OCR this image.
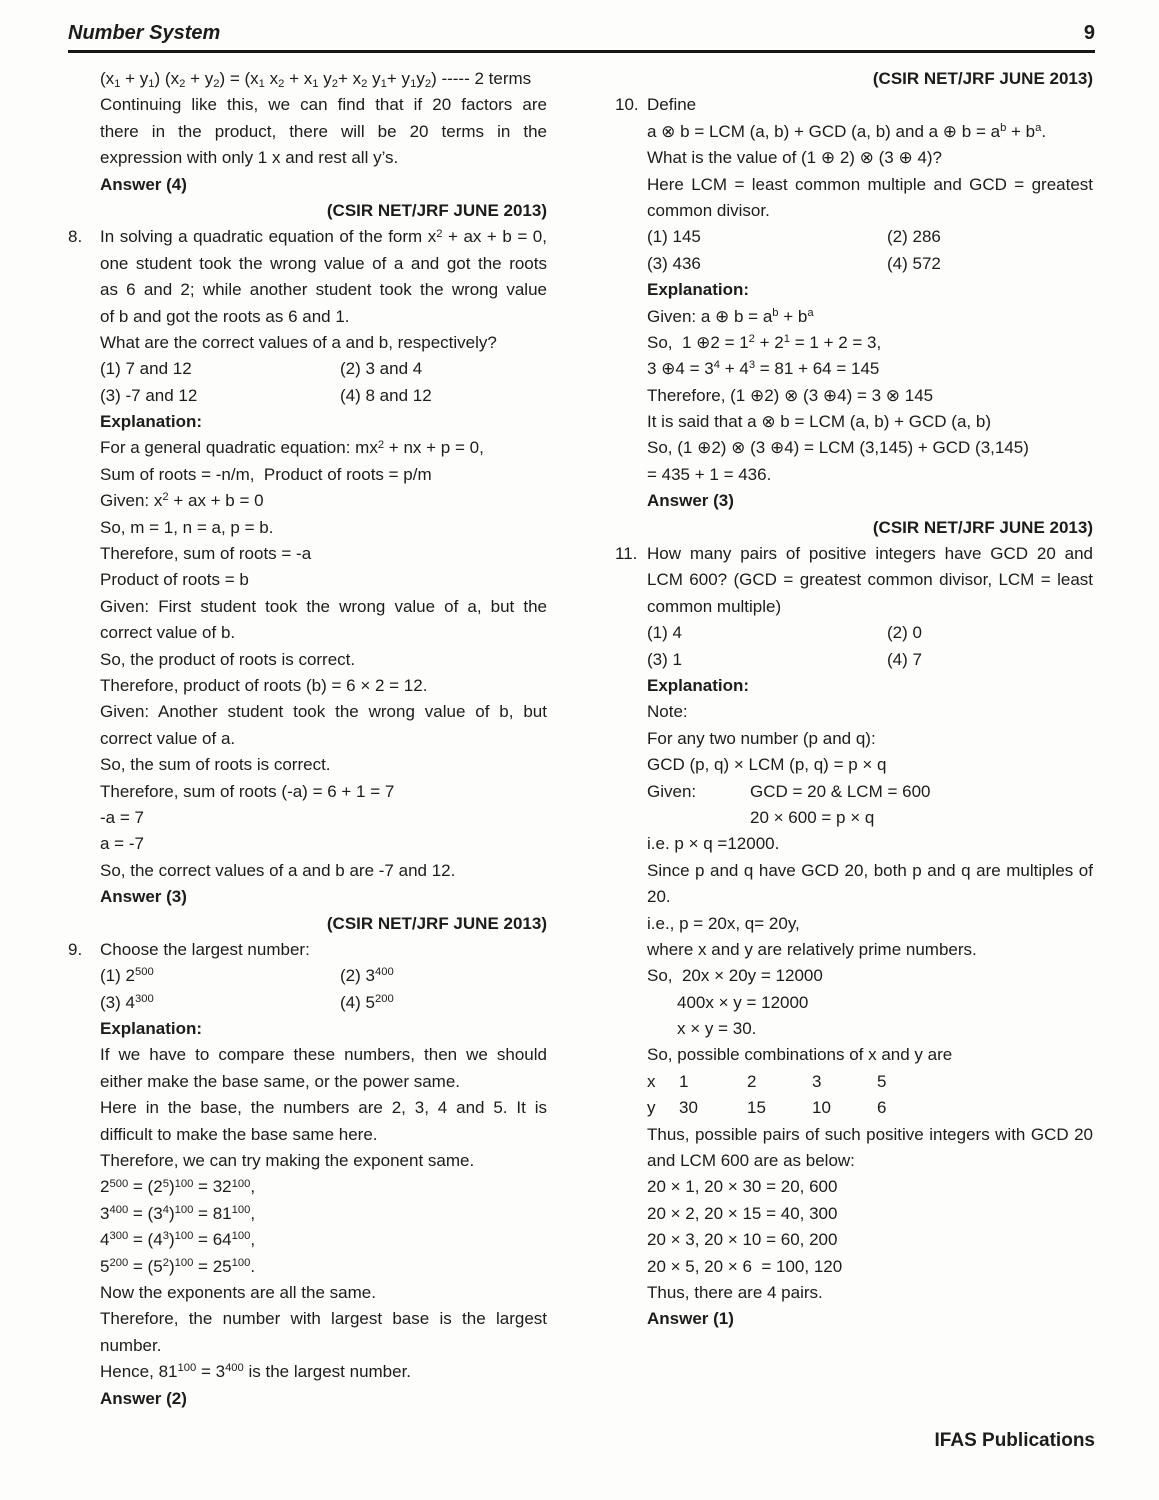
Number System	9
(x1 + y1) (x2 + y2) = (x1 x2 + x1 y2+ x2 y1+ y1y2) ----- 2 terms
Continuing like this, we can find that if 20 factors are
there in the product, there will be 20 terms in the
expression with only 1 x and rest all y’s.
Answer (4)
(CSIR NET/JRF JUNE 2013)
8. In solving a quadratic equation of the form $x^2$ + ax + b = 0,
one student took the wrong value of a and got the roots
as 6 and 2; while another student took the wrong value
of b and got the roots as 6 and 1.
What are the correct values of a and b, respectively?
(1) 7 and 12	(2) 3 and 4
(3) -7 and 12	(4) 8 and 12
Explanation:
For a general quadratic equation: $mx^2$ + nx + p = 0,
Sum of roots = -n/m,  Product of roots = p/m
Given: $x^2$ + ax + b = 0
So, m = 1, n = a, p = b.
Therefore, sum of roots = -a
Product of roots = b
Given: First student took the wrong value of a, but the
correct value of b.
So, the product of roots is correct.
Therefore, product of roots (b) = 6 × 2 = 12.
Given: Another student took the wrong value of b, but
correct value of a.
So, the sum of roots is correct.
Therefore, sum of roots (-a) = 6 + 1 = 7
-a = 7
a = -7
So, the correct values of a and b are -7 and 12.
Answer (3)
(CSIR NET/JRF JUNE 2013)
9. Choose the largest number:
(1) $2^{500}$	(2) $3^{400}$
(3) $4^{300}$	(4) $5^{200}$
Explanation:
If we have to compare these numbers, then we should
either make the base same, or the power same.
Here in the base, the numbers are 2, 3, 4 and 5. It is
difficult to make the base same here.
Therefore, we can try making the exponent same.
$2^{500} = (2^5)^{100} = 32^{100}$,
$3^{400} = (3^4)^{100} = 81^{100}$,
$4^{300} = (4^3)^{100} = 64^{100}$,
$5^{200} = (5^2)^{100} = 25^{100}$.
Now the exponents are all the same.
Therefore, the number with largest base is the largest
number.
Hence, $81^{100} = 3^{400}$ is the largest number.
Answer (2)
(CSIR NET/JRF JUNE 2013)
10. Define
a ⊗ b = LCM (a, b) + GCD (a, b) and a ⊕ $b = a^b + b^a$.
What is the value of (1 ⊕ 2) ⊗ (3 ⊕ 4)?
Here LCM = least common multiple and GCD = greatest
common divisor.
(1) 145	(2) 286
(3) 436	(4) 572
Explanation:
Given: a ⊕ $b = a^b + b^a$
So,  1 ⊕2 = $1^2 + 2^1 = 1 + 2 = 3$,
3 ⊕4 = $3^4 + 4^3 = 81 + 64 = 145$
Therefore, (1 ⊕2) ⊗ (3 ⊕4) = 3 ⊗ 145
It is said that a ⊗ b = LCM (a, b) + GCD (a, b)
So, (1 ⊕2) ⊗ (3 ⊕4) = LCM (3,145) + GCD (3,145)
= 435 + 1 = 436.
Answer (3)
(CSIR NET/JRF JUNE 2013)
11. How many pairs of positive integers have GCD 20 and
LCM 600? (GCD = greatest common divisor, LCM = least
common multiple)
(1) 4	(2) 0
(3) 1	(4) 7
Explanation:
Note:
For any two number (p and q):
GCD (p, q) × LCM (p, q) = p × q
Given:	GCD = 20 & LCM = 600
20 × 600 = p × q
i.e. p × q =12000.
Since p and q have GCD 20, both p and q are multiples of
20.
i.e., p = 20x, q= 20y,
where x and y are relatively prime numbers.
So,  20x × 20y = 12000
400x × y = 12000
x × y = 30.
So, possible combinations of x and y are
x 1	2	3	5
y 30	15	10	6
Thus, possible pairs of such positive integers with GCD 20
and LCM 600 are as below:
20 × 1, 20 × 30 = 20, 600
20 × 2, 20 × 15 = 40, 300
20 × 3, 20 × 10 = 60, 200
20 × 5, 20 × 6  = 100, 120
Thus, there are 4 pairs.
Answer (1)
IFAS Publications
